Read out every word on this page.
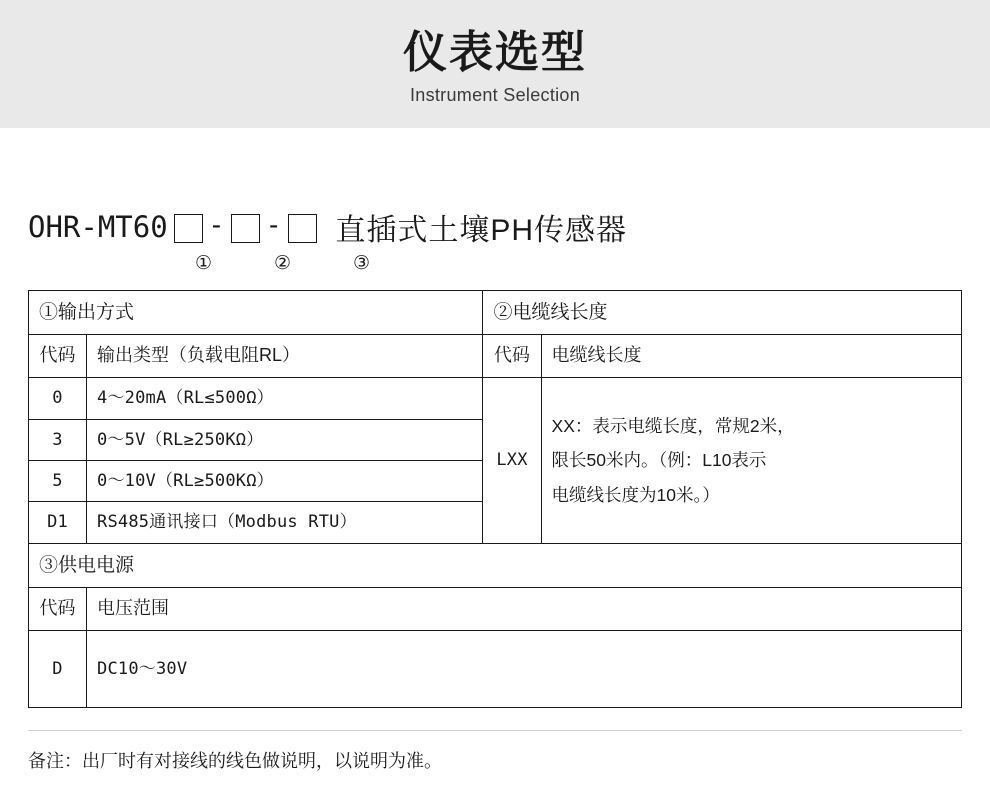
仪表选型
Instrument Selection
OHR-MT60 - - 直插式土壤PH传感器
①	②	③
①输出方式		②电缆线长度	
代码	输出类型（负载电阻RL）	代码	电缆线长度
0	4～20mA（RL≤500Ω）	LXX	XX：表示电缆长度，常规2米，
限长50米内。（例：L10表示
电缆线长度为10米。）

3	0～5V（RL≥250KΩ）		
5	0～10V（RL≥500KΩ）		
D1	RS485通讯接口（Modbus RTU）		
③供电电源			
代码	电压范围		
D	DC10～30V		
备注：出厂时有对接线的线色做说明，以说明为准。
